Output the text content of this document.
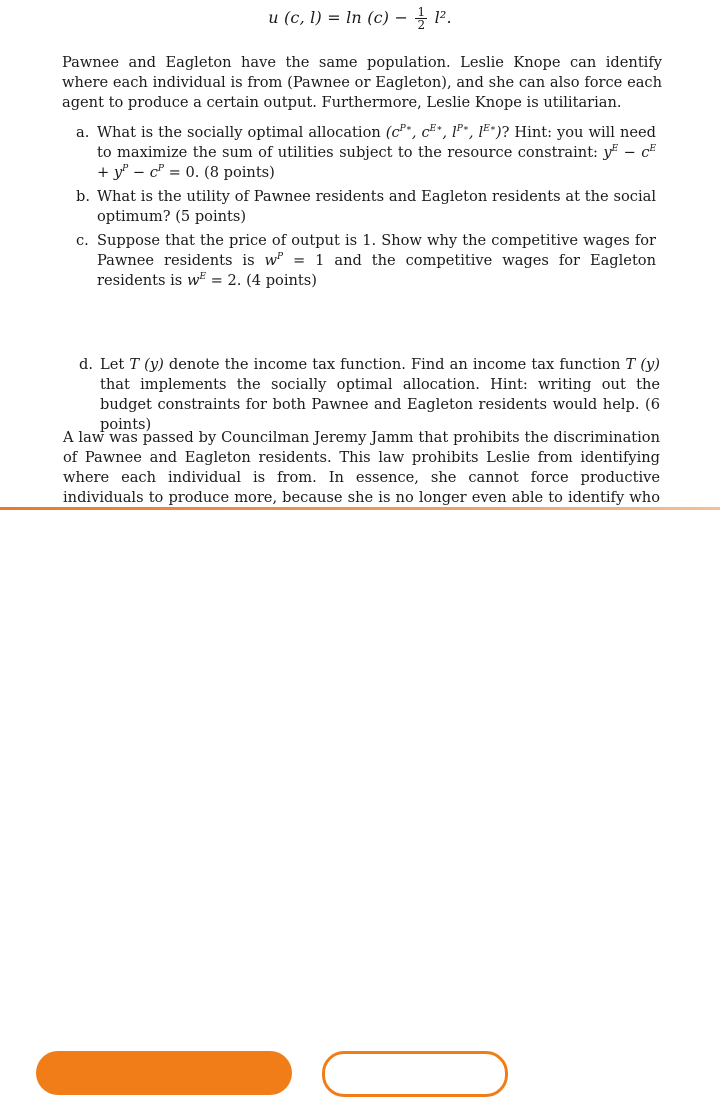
u (c, $l) = \ln (c) - \frac{1}{2} l^2$.
Pawnee and Eagleton have the same population. Leslie Knope can identify where each individual is from (Pawnee or Eagleton), and she can also force each agent to produce a certain output. Furthermore, Leslie Knope is utilitarian.
a. What is the socially optimal allocation ($c^{P∗}$, $c^{E∗}$, $l^{P∗}$, $l^{E∗}$)? Hint: you will need to maximize the sum of utilities subject to the resource constraint: $y^E - c^E + y^P - c^P = 0$. (8 points)
b. What is the utility of Pawnee residents and Eagleton residents at the social optimum? (5 points)
c. Suppose that the price of output is 1. Show why the competitive wages for Pawnee residents is $w^P = 1$ and the competitive wages for Eagleton residents is $w^E = 2$. (4 points)
d. Let T (y) denote the income tax function. Find an income tax function T (y) that implements the socially optimal allocation. Hint: writing out the budget constraints for both Pawnee and Eagleton residents would help. (6 points)
A law was passed by Councilman Jeremy Jamm that prohibits the discrimination of Pawnee and Eagleton residents. This law prohibits Leslie from identifying where each individual is from. In essence, she cannot force productive individuals to produce more, because she is no longer even able to identify who
